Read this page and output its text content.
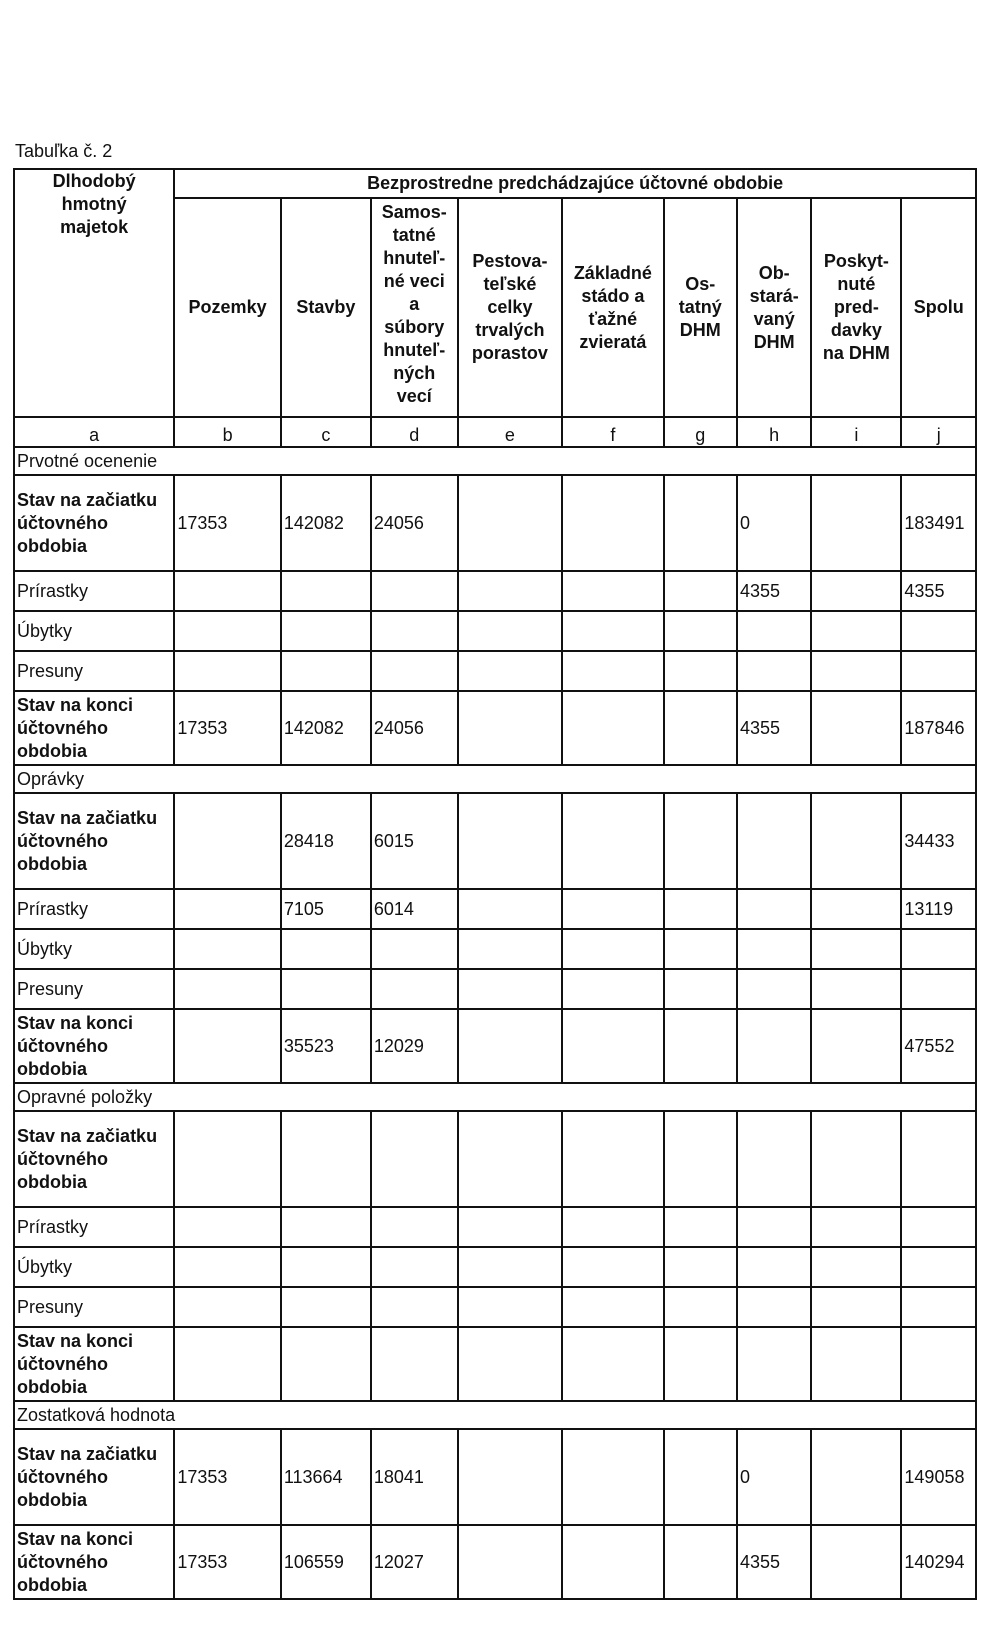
Tabuľka č. 2
Dlhodobý hmotný majetok	Bezprostredne predchádzajúce účtovné obdobie								
	Pozemky	Stavby	Samos-tatné hnuteľ-né veci a súbory hnuteľ-ných vecí	Pestova-teľské celky trvalých porastov	Základné stádo a ťažné zvieratá	Os-tatný DHM	Ob-stará-vaný DHM	Poskyt-nuté pred-davky na DHM	Spolu
a	b	c	d	e	f	g	h	i	j
Prvotné ocenenie									
Stav na začiatku účtovného obdobia	17353	142082	24056				0		183491
Prírastky							4355		4355
Úbytky									
Presuny									
Stav na konci účtovného obdobia	17353	142082	24056				4355		187846
Oprávky									
Stav na začiatku účtovného obdobia		28418	6015						34433
Prírastky		7105	6014						13119
Úbytky									
Presuny									
Stav na konci účtovného obdobia		35523	12029						47552
Opravné položky									
Stav na začiatku účtovného obdobia									
Prírastky									
Úbytky									
Presuny									
Stav na konci účtovného obdobia									
Zostatková hodnota									
Stav na začiatku účtovného obdobia	17353	113664	18041				0		149058
Stav na konci účtovného obdobia	17353	106559	12027				4355		140294
